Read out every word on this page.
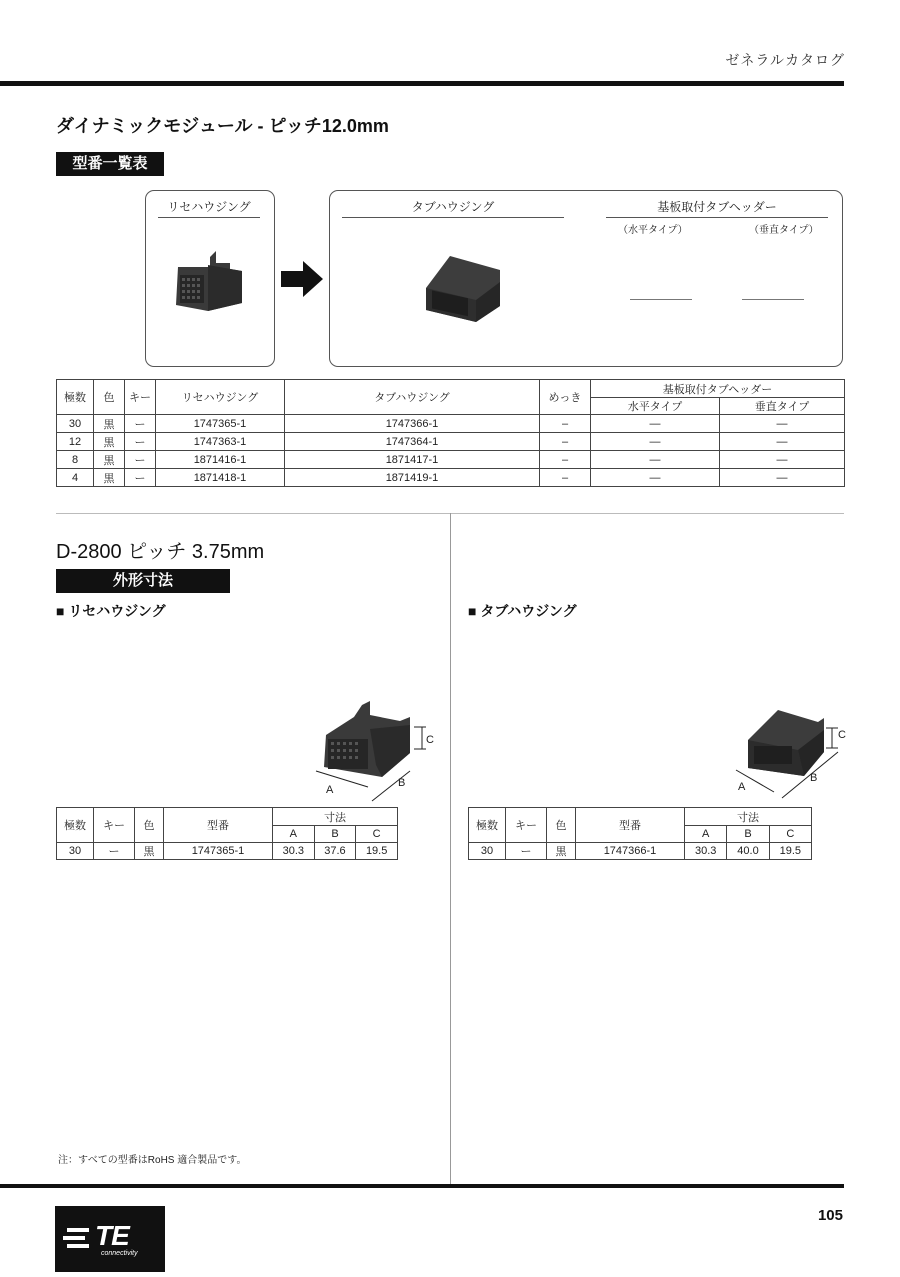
ゼネラルカタログ
ダイナミックモジュール - ピッチ12.0mm
型番一覧表
リセハウジング	タブハウジング	基板取付タブヘッダー
（水平タイプ）	（垂直タイプ）
極数	色	キー	リセハウジング	タブハウジング	めっき	基板取付タブヘッダー	
						水平タイプ	垂直タイプ
30	黒	ー	1747365-1	1747366-1	–	—	—
12	黒	ー	1747363-1	1747364-1	–	—	—
8	黒	ー	1871416-1	1871417-1	–	—	—
4	黒	ー	1871418-1	1871419-1	–	—	—
D-2800 ピッチ 3.75mm
外形寸法
■ リセハウジング	■ タブハウジング
A
B
C
A
B
C
極数	キー	色	型番	寸法		
				A	B	C
30	ー	黒	1747365-1	30.3	37.6	19.5
極数	キー	色	型番	寸法		
				A	B	C
30	ー	黒	1747366-1	30.3	40.0	19.5
注：すべての型番はRoHS 適合製品です。
105
TE
connectivity
